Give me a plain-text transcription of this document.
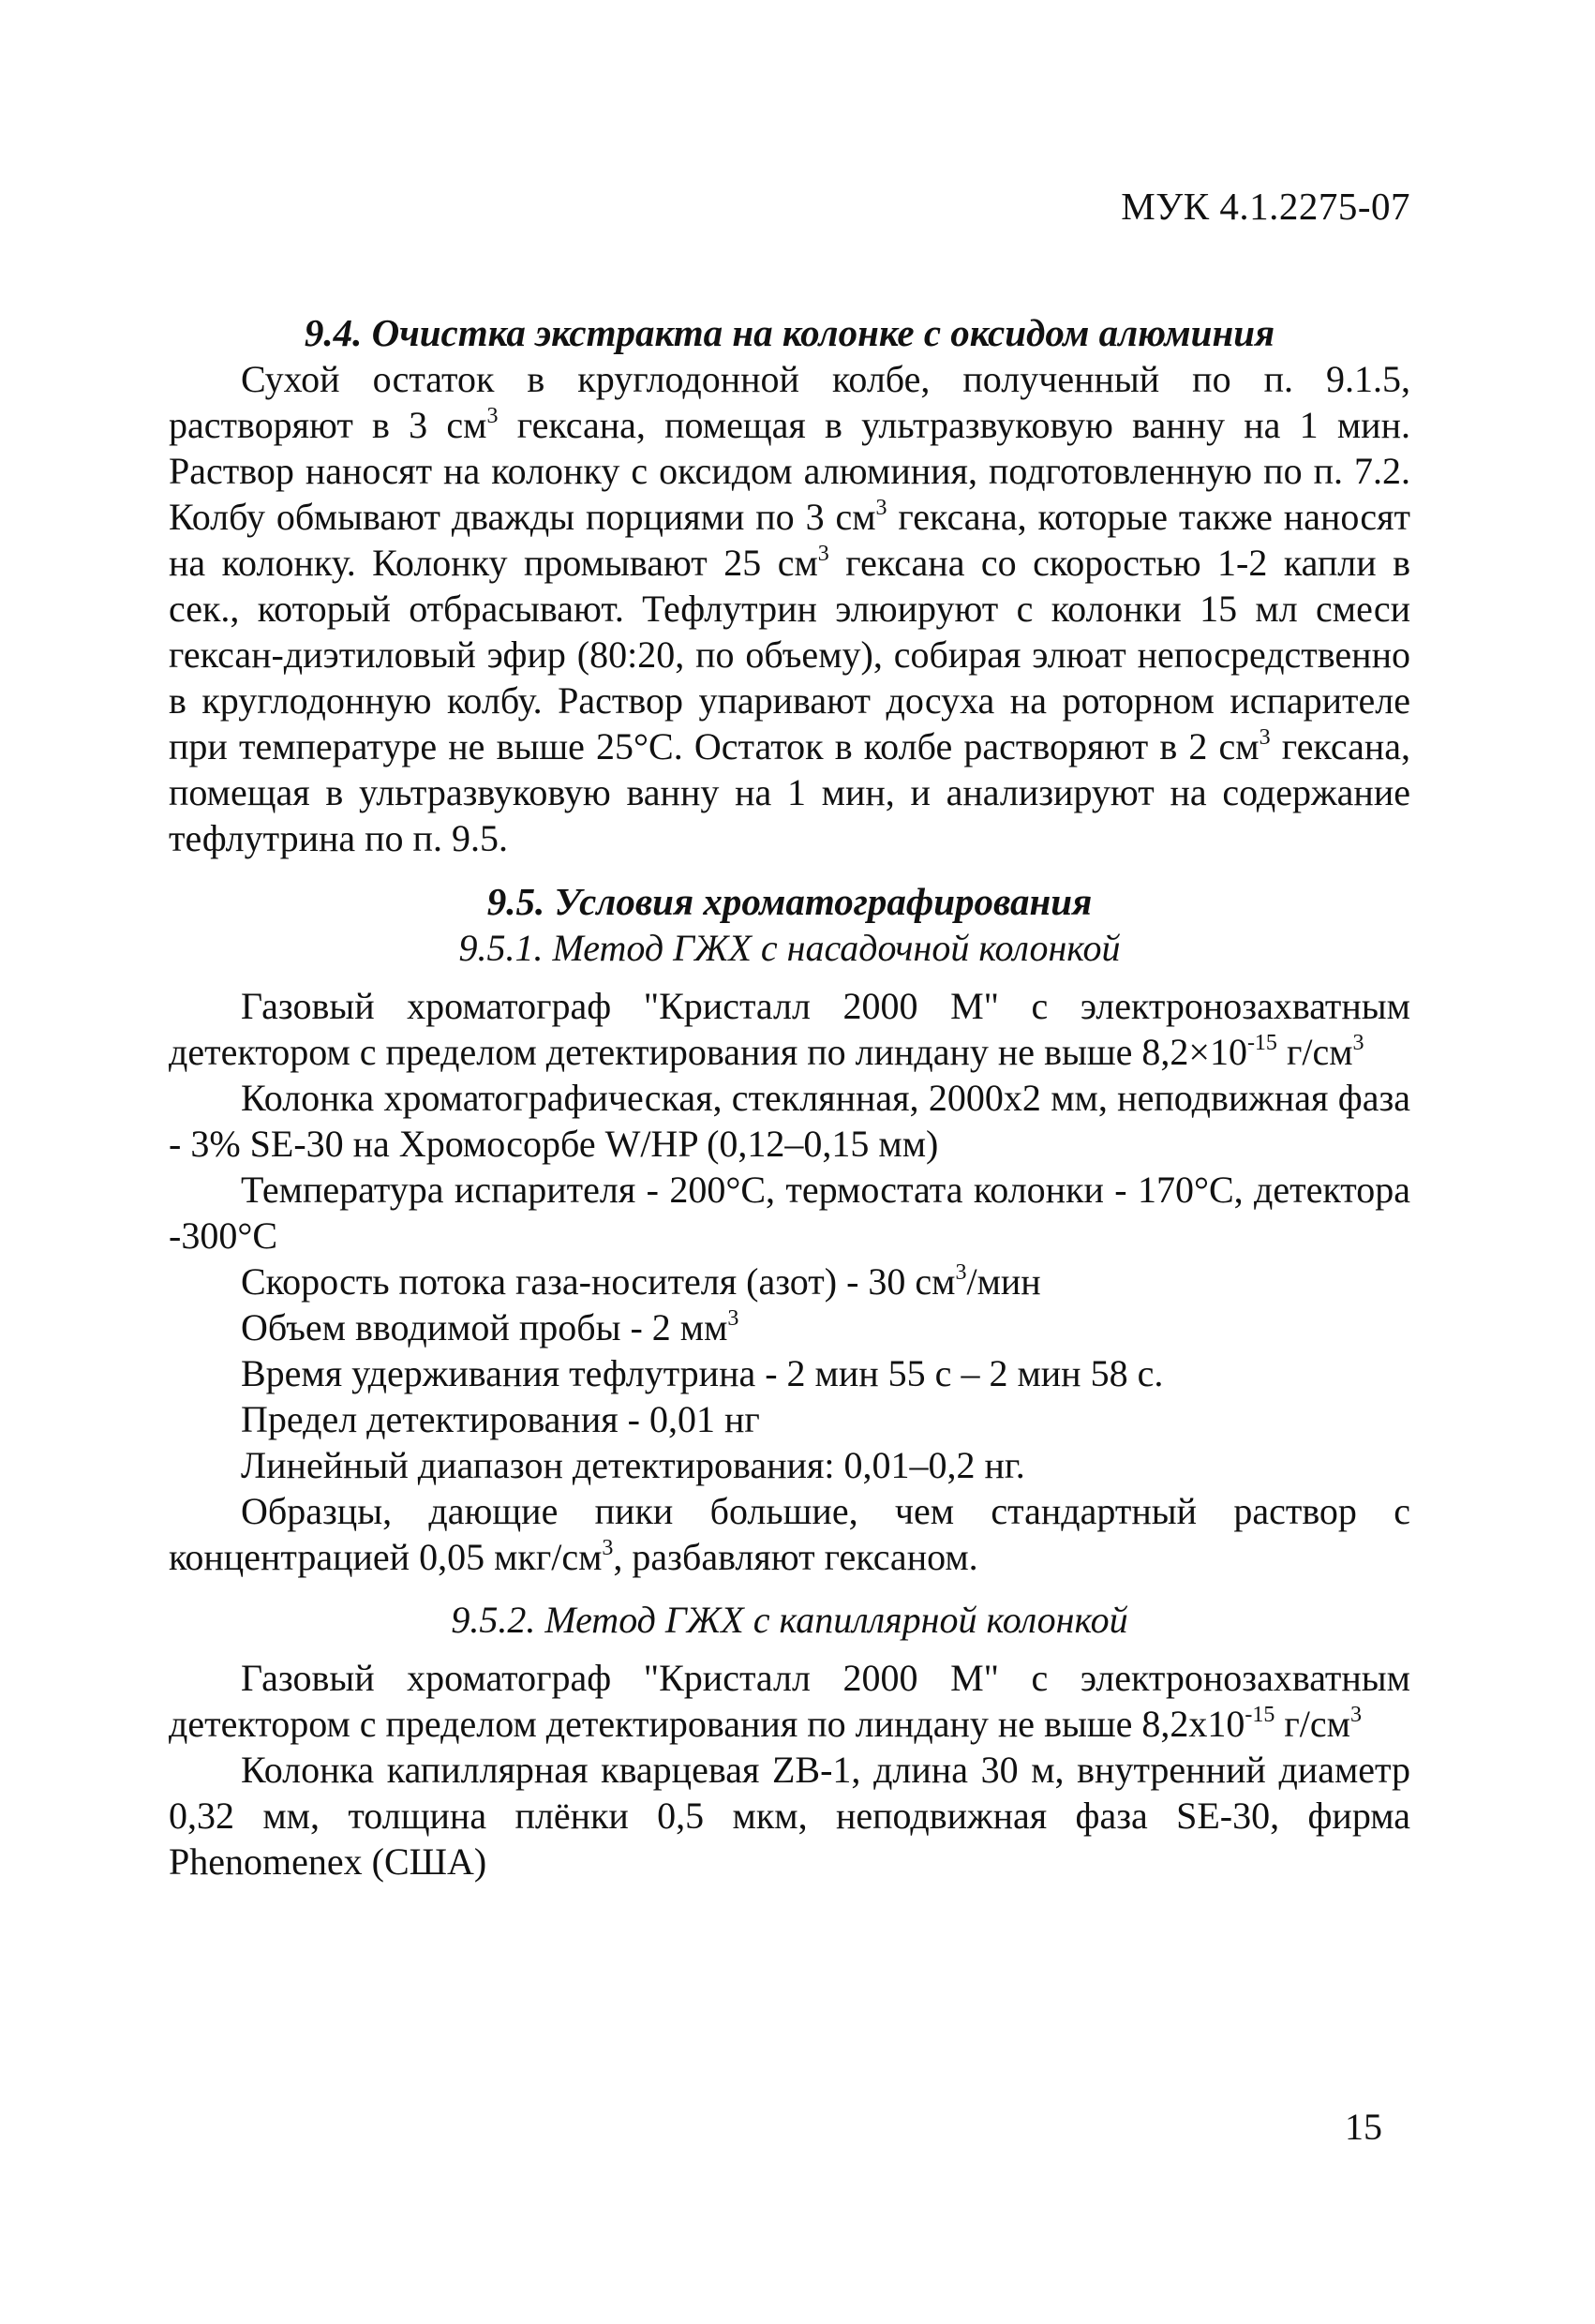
МУК 4.1.2275-07

9.4. Очистка экстракта на колонке с оксидом алюминия

Сухой остаток в круглодонной колбе, полученный по п. 9.1.5, растворяют в 3 $см^3$ гексана, помещая в ультразвуковую ванну на 1 мин. Раствор наносят на колонку с оксидом алюминия, подготовленную по п. 7.2. Колбу обмывают дважды порциями по 3 $см^3$ гексана, которые также наносят на колонку. Колонку промывают 25 $см^3$ гексана со скоростью 1-2 капли в сек., который отбрасывают. Тефлутрин элюируют с колонки 15 мл смеси гексан-диэтиловый эфир (80:20, по объему), собирая элюат непосредственно в круглодонную колбу. Раствор упаривают досуха на роторном испарителе при температуре не выше 25°С. Остаток в колбе растворяют в 2 $см^3$ гексана, помещая в ультразвуковую ванну на 1 мин, и анализируют на содержание тефлутрина по п. 9.5.

9.5. Условия хроматографирования

9.5.1. Метод ГЖХ с насадочной колонкой

Газовый хроматограф "Кристалл 2000 М" с электронозахватным детектором с пределом детектирования по линдану не выше $8,2\times 10^{-15}$ $г/см^3$

Колонка хроматографическая, стеклянная, 2000х2 мм, неподвижная фаза - 3% SE-30 на Хромосорбе W/HP (0,12–0,15 мм)

Температура испарителя - 200°С, термостата колонки - 170°С, детектора -300°С

Скорость потока газа-носителя (азот) - 30 $см^3$/мин

Объем вводимой пробы - 2 $мм^3$

Время удерживания тефлутрина - 2 мин 55 с – 2 мин 58 с.

Предел детектирования - 0,01 нг

Линейный диапазон детектирования: 0,01–0,2 нг.

Образцы, дающие пики большие, чем стандартный раствор с концентрацией 0,05 мкг/$см^3$, разбавляют гексаном.

9.5.2. Метод ГЖХ с капиллярной колонкой

Газовый хроматограф "Кристалл 2000 М" с электронозахватным детектором с пределом детектирования по линдану не выше $8,2х10^{-15}$ $г/см^3$

Колонка капиллярная кварцевая ZB-1, длина 30 м, внутренний диаметр 0,32 мм, толщина плёнки 0,5 мкм, неподвижная фаза SE-30, фирма Phenomenex (США)

15
